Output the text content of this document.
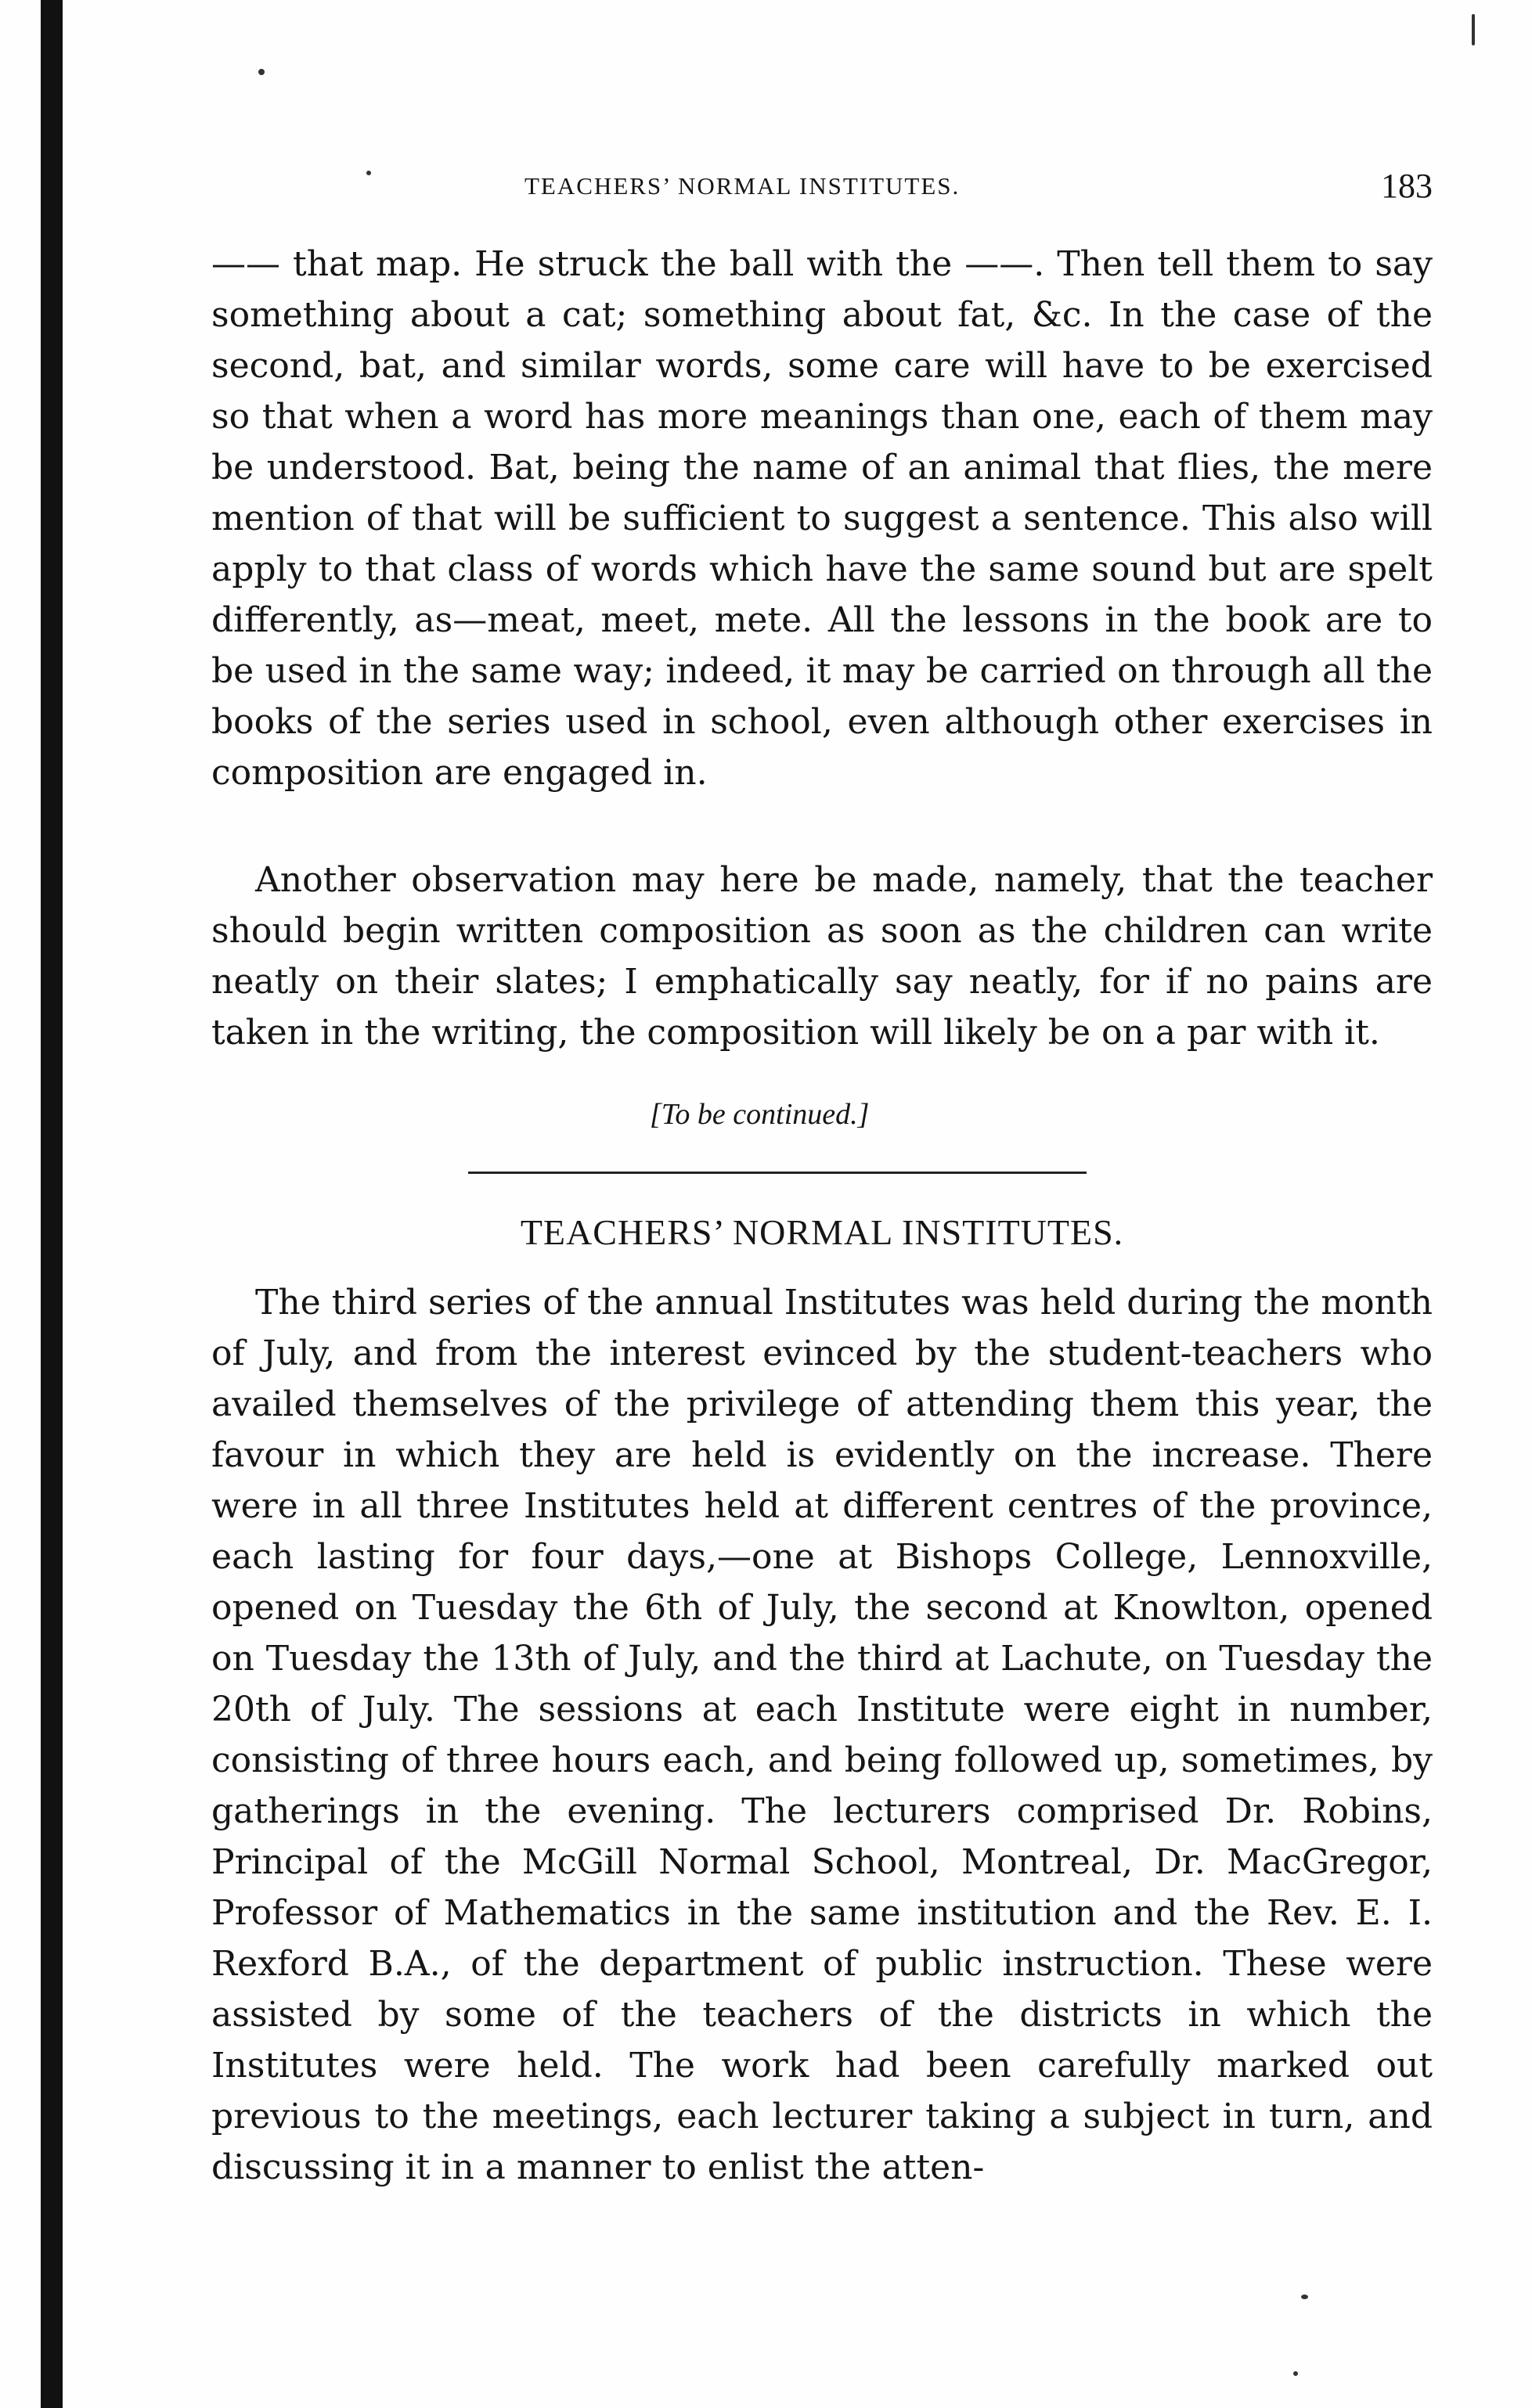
TEACHERS’ NORMAL INSTITUTES.	183

—— that map. He struck the ball with the ——. Then tell them to say something about a cat; something about fat, &c. In the case of the second, bat, and similar words, some care will have to be exercised so that when a word has more meanings than one, each of them may be understood. Bat, being the name of an animal that flies, the mere mention of that will be sufficient to suggest a sentence. This also will apply to that class of words which have the same sound but are spelt differently, as—meat, meet, mete. All the lessons in the book are to be used in the same way; indeed, it may be carried on through all the books of the series used in school, even although other exercises in composition are engaged in.

Another observation may here be made, namely, that the teacher should begin written composition as soon as the children can write neatly on their slates; I emphatically say neatly, for if no pains are taken in the writing, the composition will likely be on a par with it.

[To be continued.]
TEACHERS’ NORMAL INSTITUTES.

The third series of the annual Institutes was held during the month of July, and from the interest evinced by the student-teachers who availed themselves of the privilege of attending them this year, the favour in which they are held is evidently on the increase. There were in all three Institutes held at different centres of the province, each lasting for four days,—one at Bishops College, Lennoxville, opened on Tuesday the 6th of July, the second at Knowlton, opened on Tuesday the 13th of July, and the third at Lachute, on Tuesday the 20th of July. The sessions at each Institute were eight in number, consisting of three hours each, and being followed up, sometimes, by gatherings in the evening. The lecturers comprised Dr. Robins, Principal of the McGill Normal School, Montreal, Dr. MacGregor, Professor of Mathematics in the same institution and the Rev. E. I. Rexford B.A., of the department of public instruction. These were assisted by some of the teachers of the districts in which the Institutes were held. The work had been carefully marked out previous to the meetings, each lecturer taking a subject in turn, and discussing it in a manner to enlist the atten-
